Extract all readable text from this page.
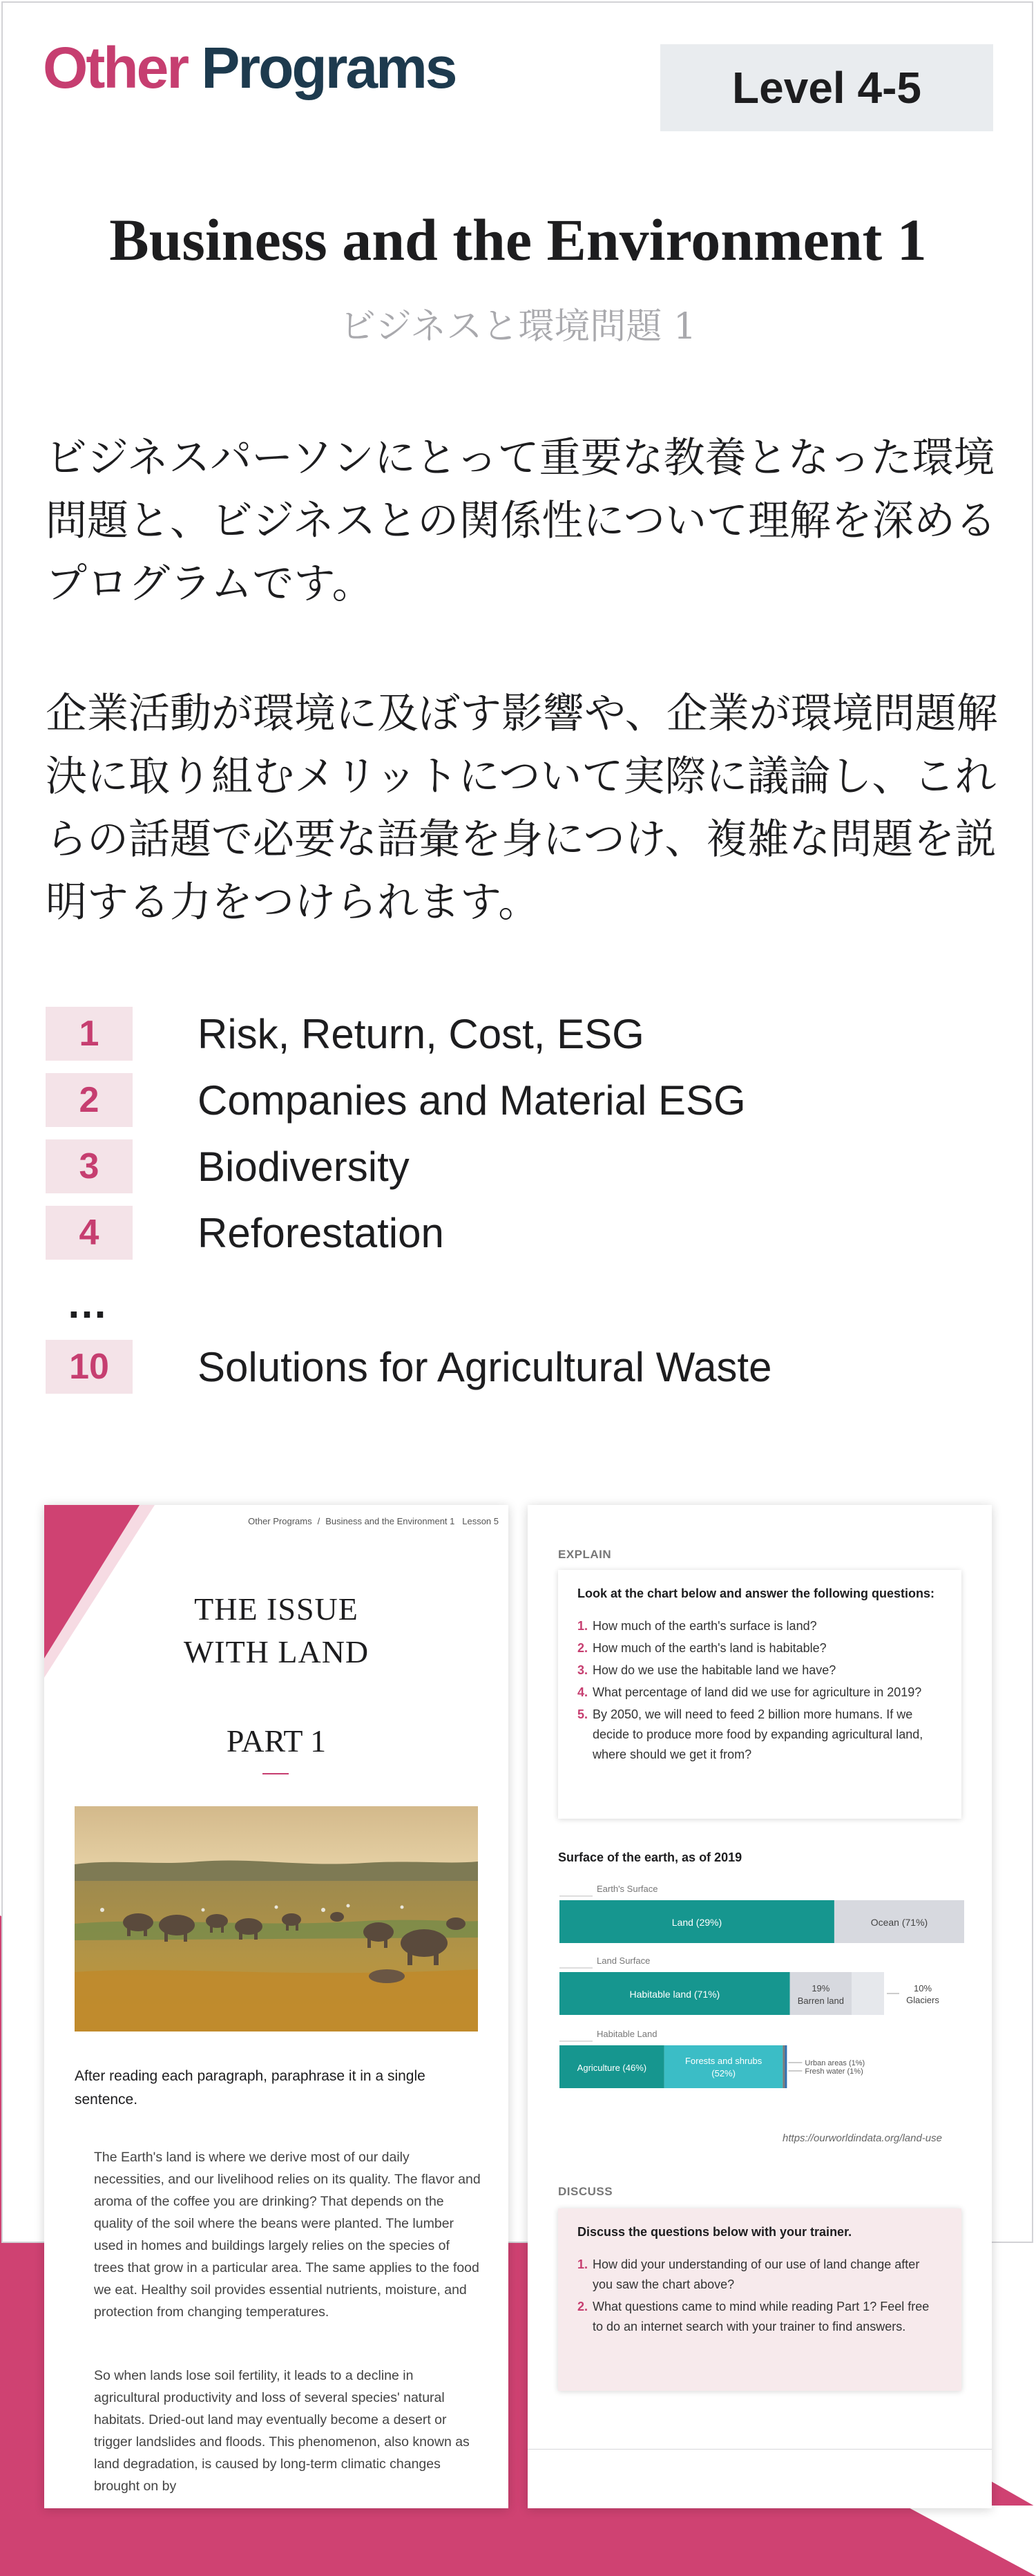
Other Programs	Level 4-5
Business and the Environment 1
ビジネスと環境問題 1

ビジネスパーソンにとって重要な教養となった環境問題と、ビジネスとの関係性について理解を深めるプログラムです。

企業活動が環境に及ぼす影響や、企業が環境問題解決に取り組むメリットについて実際に議論し、これらの話題で必要な語彙を身につけ、複雑な問題を説明する力をつけられます。

1	Risk, Return, Cost, ESG
2	Companies and Material ESG
3	Biodiversity
4	Reforestation
…
10	Solutions for Agricultural Waste
Other Programs / Business and the Environment 1 Lesson 5
THE ISSUE
WITH LAND
PART 1

After reading each paragraph, paraphrase it in a single sentence.

The Earth's land is where we derive most of our daily necessities, and our livelihood relies on its quality. The flavor and aroma of the coffee you are drinking? That depends on the quality of the soil where the beans were planted. The lumber used in homes and buildings largely relies on the species of trees that grow in a particular area. The same applies to the food we eat. Healthy soil provides essential nutrients, moisture, and protection from changing temperatures.

So when lands lose soil fertility, it leads to a decline in agricultural productivity and loss of several species' natural habitats. Dried-out land may eventually become a desert or trigger landslides and floods. This phenomenon, also known as land degradation, is caused by long-term climatic changes brought on by

EXPLAIN
Look at the chart below and answer the following questions:
1. How much of the earth's surface is land?
2. How much of the earth's land is habitable?
3. How do we use the habitable land we have?
4. What percentage of land did we use for agriculture in 2019?
5. By 2050, we will need to feed 2 billion more humans. If we decide to produce more food by expanding agricultural land, where should we get it from?
Surface of the earth, as of 2019
Earth's Surface
Land (29%)	Ocean (71%)
Land Surface
Habitable land (71%)
19%
Barren land
10%
Glaciers
Habitable Land
Agriculture (46%)
Forests and shrubs
(52%)
Urban areas (1%)
Fresh water (1%)
https://ourworldindata.org/land-use
DISCUSS
Discuss the questions below with your trainer.
1. How did your understanding of our use of land change after you saw the chart above?
2. What questions came to mind while reading Part 1? Feel free to do an internet search with your trainer to find answers.
